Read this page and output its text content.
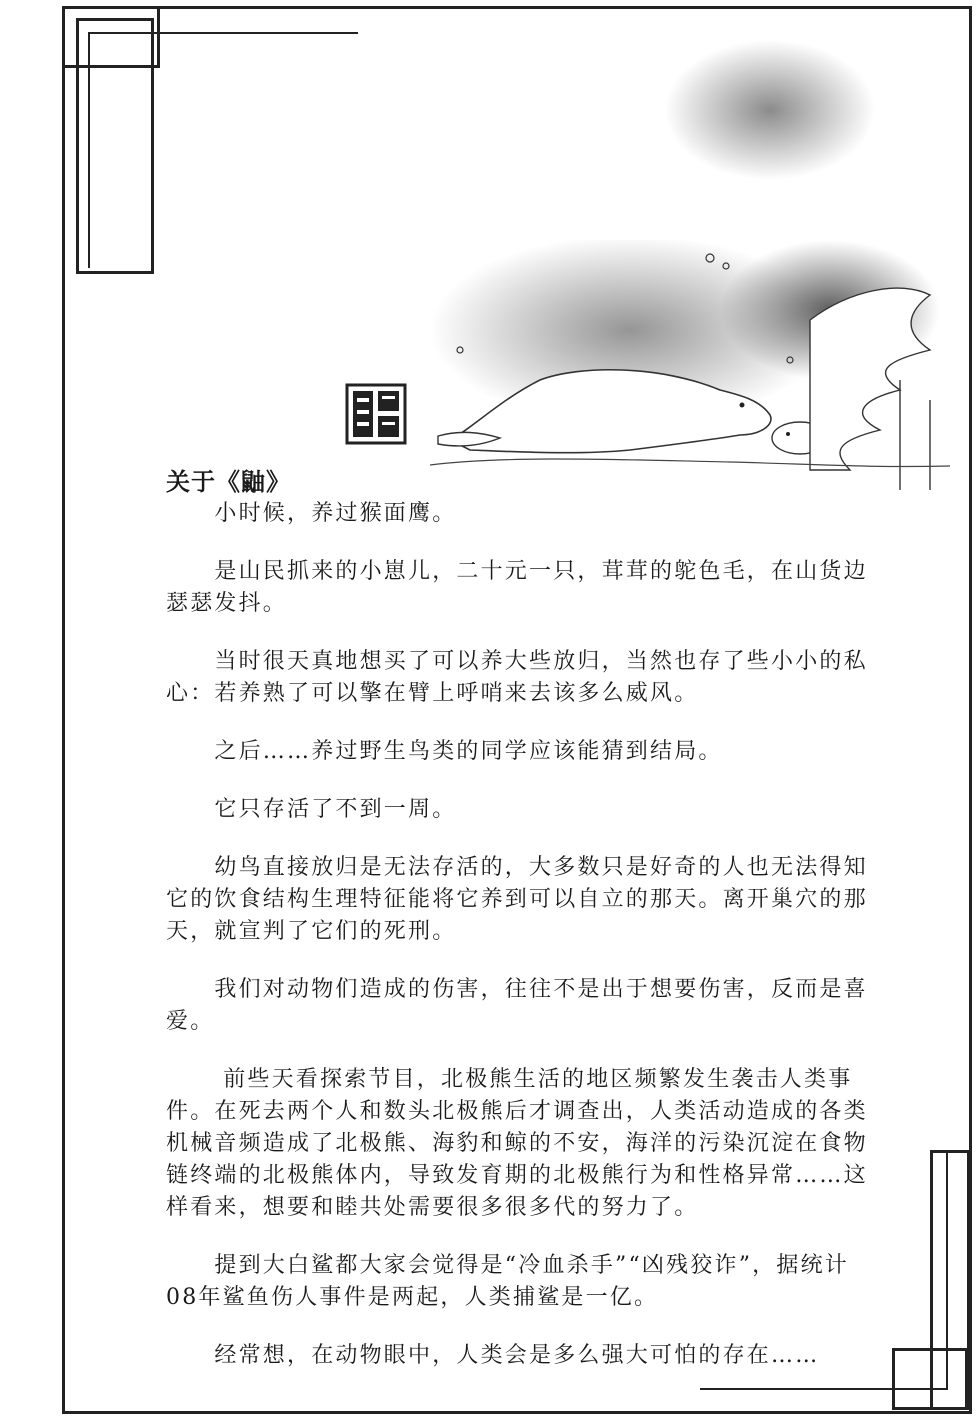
关于《鼬》

小时候，养过猴面鹰。

是山民抓来的小崽儿，二十元一只，茸茸的鸵色毛，在山货边瑟瑟发抖。

当时很天真地想买了可以养大些放归，当然也存了些小小的私心：若养熟了可以擎在臂上呼哨来去该多么威风。

之后……养过野生鸟类的同学应该能猜到结局。

它只存活了不到一周。

幼鸟直接放归是无法存活的，大多数只是好奇的人也无法得知它的饮食结构生理特征能将它养到可以自立的那天。离开巢穴的那天，就宣判了它们的死刑。

我们对动物们造成的伤害，往往不是出于想要伤害，反而是喜爱。

前些天看探索节目，北极熊生活的地区频繁发生袭击人类事件。在死去两个人和数头北极熊后才调查出，人类活动造成的各类机械音频造成了北极熊、海豹和鲸的不安，海洋的污染沉淀在食物链终端的北极熊体内，导致发育期的北极熊行为和性格异常……这样看来，想要和睦共处需要很多很多代的努力了。

提到大白鲨都大家会觉得是“冷血杀手”“凶残狡诈”，据统计08年鲨鱼伤人事件是两起，人类捕鲨是一亿。

经常想，在动物眼中，人类会是多么强大可怕的存在……
